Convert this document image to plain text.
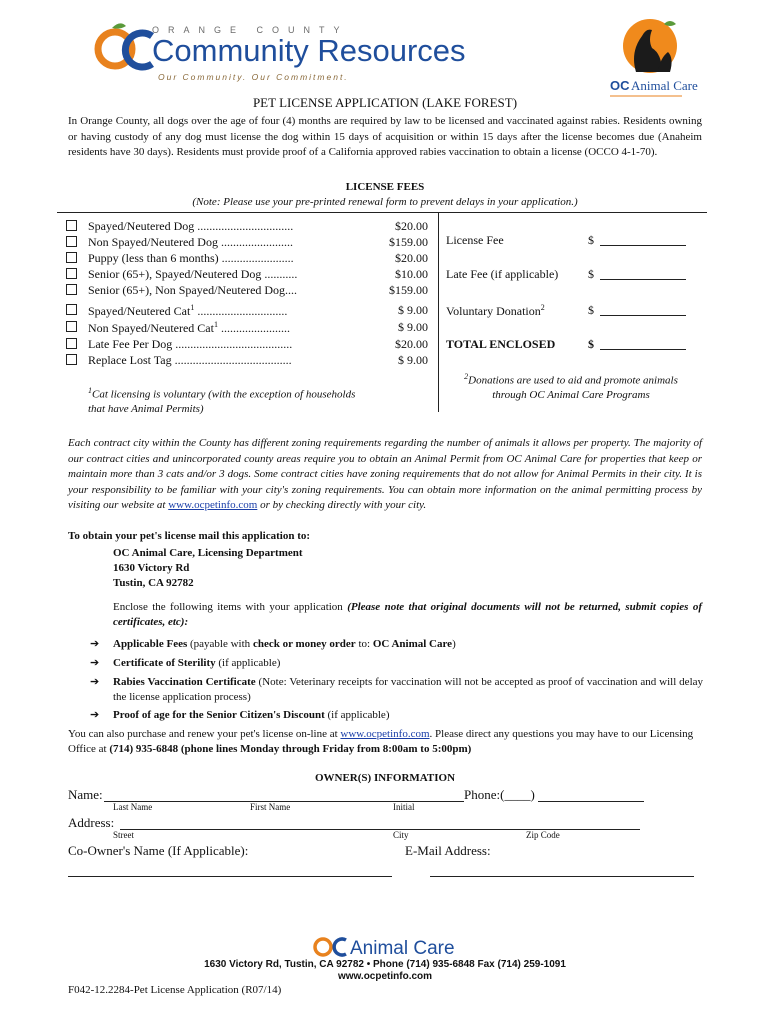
ORANGE COUNTY
Community Resources
Our Community. Our Commitment.
OC Animal Care
PET LICENSE APPLICATION (LAKE FOREST)
In Orange County, all dogs over the age of four (4) months are required by law to be licensed and vaccinated against rabies. Residents owning or having custody of any dog must license the dog within 15 days of acquisition or within 15 days after the license becomes due (Anaheim residents have 30 days). Residents must provide proof of a California approved rabies vaccination to obtain a license (OCCO 4-1-70).
LICENSE FEES
(Note: Please use your pre-printed renewal form to prevent delays in your application.)
Spayed/Neutered Dog ................................	$20.00
Non Spayed/Neutered Dog ........................	$159.00
Puppy (less than 6 months) ........................	$20.00
Senior (65+), Spayed/Neutered Dog ...........	$10.00
Senior (65+), Non Spayed/Neutered Dog....	$159.00
Spayed/Neutered Cat$^1$ ..............................	$ 9.00
Non Spayed/Neutered Cat$^1$ .......................	$ 9.00
Late Fee Per Dog .......................................	$20.00
Replace Lost Tag .......................................	$ 9.00
$^1$Cat licensing is voluntary (with the exception of households that have Animal Permits)
License Fee	$
Late Fee (if applicable) $
Voluntary Donation$^2$	$
TOTAL ENCLOSED	$
$^2$Donations are used to aid and promote animals through OC Animal Care Programs
Each contract city within the County has different zoning requirements regarding the number of animals it allows per property. The majority of our contract cities and unincorporated county areas require you to obtain an Animal Permit from OC Animal Care for properties that keep or maintain more than 3 cats and/or 3 dogs. Some contract cities have zoning requirements that do not allow for Animal Permits in their city. It is your responsibility to be familiar with your city's zoning requirements. You can obtain more information on the animal permitting process by visiting our website at www.ocpetinfo.com or by checking directly with your city.
To obtain your pet's license mail this application to:
OC Animal Care, Licensing Department
1630 Victory Rd
Tustin, CA 92782
Enclose the following items with your application (Please note that original documents will not be returned, submit copies of certificates, etc):
➔ Applicable Fees (payable with check or money order to: OC Animal Care)
➔ Certificate of Sterility (if applicable)
➔ Rabies Vaccination Certificate (Note: Veterinary receipts for vaccination will not be accepted as proof of vaccination and will delay the license application process)
➔ Proof of age for the Senior Citizen's Discount (if applicable)
You can also purchase and renew your pet's license on-line at www.ocpetinfo.com. Please direct any questions you may have to our Licensing Office at (714) 935-6848 (phone lines Monday through Friday from 8:00am to 5:00pm)
OWNER(S) INFORMATION
Name:	Phone:(____)
Last Name	First Name	Initial
Address:
Street	City	Zip Code
Co-Owner's Name (If Applicable):	E-Mail Address:
Animal Care
1630 Victory Rd, Tustin, CA 92782 • Phone (714) 935-6848 Fax (714) 259-1091
www.ocpetinfo.com
F042-12.2284-Pet License Application (R07/14)
